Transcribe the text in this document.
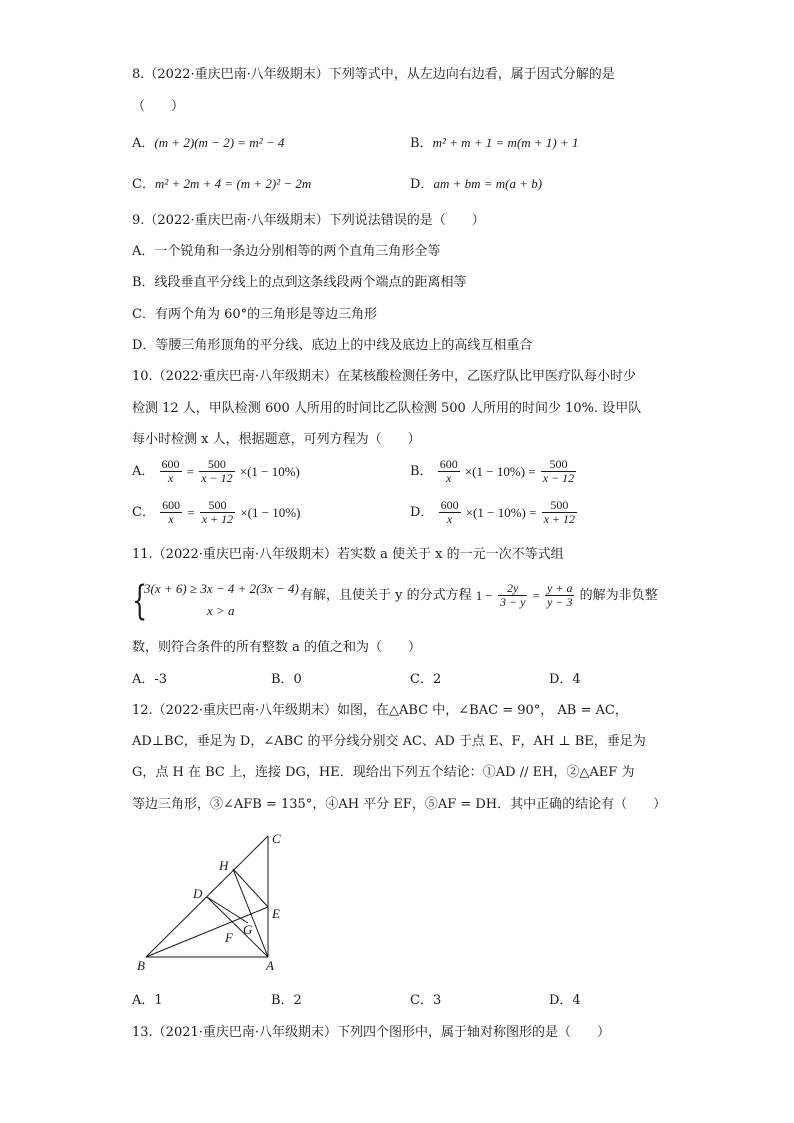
8.（2022·重庆巴南·八年级期末）下列等式中，从左边向右边看，属于因式分解的是
（　　）
A．(m + 2)(m − 2) = m² − 4	B．m² + m + 1 = m(m + 1) + 1
C．m² + 2m + 4 = (m + 2)² − 2m	D．am + bm = m(a + b)
9.（2022·重庆巴南·八年级期末）下列说法错误的是（　　）
A．一个锐角和一条边分别相等的两个直角三角形全等
B．线段垂直平分线上的点到这条线段两个端点的距离相等
C．有两个角为 60°的三角形是等边三角形
D．等腰三角形顶角的平分线、底边上的中线及底边上的高线互相重合
10.（2022·重庆巴南·八年级期末）在某核酸检测任务中，乙医疗队比甲医疗队每小时少
检测 12 人，甲队检测 600 人所用的时间比乙队检测 500 人所用的时间少 10%. 设甲队
每小时检测 x 人，根据题意，可列方程为（　　）
A． $\frac{600}{x} = \frac{500}{x - 12} \times(1 - 10\%)$	B． $\frac{600}{x} \times(1 - 10\%) = \frac{500}{x - 12}$
C． $\frac{600}{x} = \frac{500}{x + 12} \times(1 - 10\%)$	D． $\frac{600}{x} \times(1 - 10\%) = \frac{500}{x + 12}$
11.（2022·重庆巴南·八年级期末）若实数 a 使关于 x 的一元一次不等式组
{
3(x + 6) ≥ 3x − 4 + 2(3x − 4)
x > a
有解，且使关于 y 的分式方程 $1 - \frac{2y}{3 - y} = \frac{y + a}{y - 3}$ 的解为非负整
数，则符合条件的所有整数 a 的值之和为（　　）
A．-3	B．0	C．2	D．4
12.（2022·重庆巴南·八年级期末）如图，在△ABC 中，∠BAC = 90°， AB = AC，
AD⊥BC，垂足为 D，∠ABC 的平分线分别交 AC、AD 于点 E、F，AH ⊥ BE，垂足为
G，点 H 在 BC 上，连接 DG，HE．现给出下列五个结论：①AD // EH，②△AEF 为
等边三角形，③∠AFB = 135°，④AH 平分 EF，⑤AF = DH．其中正确的结论有（　　）
C
H
D
E
G
F
B	A
A．1	B．2	C．3	D．4
13.（2021·重庆巴南·八年级期末）下列四个图形中，属于轴对称图形的是（　　）
